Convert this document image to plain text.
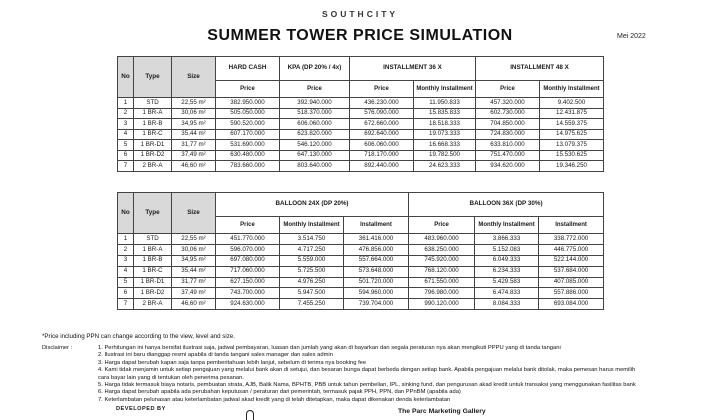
SOUTHCITY
SUMMER TOWER PRICE SIMULATION	Mei 2022
No	Type	Size	HARD CASH	KPA (DP 20% / 4x)	INSTALLMENT 36 X		INSTALLMENT 48 X	
			Price	Price	Price	Monthly Installment	Price	Monthly Installment
1	STD	22,55 m²	382.950.000	392.940.000	436.230.000	11.950.833	457.320.000	9.402.500
2	1 BR-A	30,06 m²	505.050.000	518.370.000	576.090.000	15.835.833	602.730.000	12.431.875
3	1 BR-B	34,95 m²	590.520.000	606.060.000	672.660.000	18.518.333	704.850.000	14.559.375
4	1 BR-C	35,44 m²	607.170.000	623.820.000	692.640.000	19.073.333	724.830.000	14.975.625
5	1 BR-D1	31,77 m²	531.690.000	546.120.000	606.060.000	16.668.333	633.810.000	13.079.375
6	1 BR-D2	37,49 m²	630.480.000	647.130.000	718.170.000	19.782.500	751.470.000	15.530.625
7	2 BR-A	46,60 m²	783.660.000	803.640.000	892.440.000	24.623.333	934.620.000	19.346.250
No	Type	Size	BALLOON 24X (DP 20%)			BALLOON 36X (DP 30%)		
			Price	Monthly Installment	Installment	Price	Monthly Installment	Installment
1	STD	22,55 m²	451.770.000	3.514.750	361.416.000	483.960.000	3.866.333	338.772.000
2	1 BR-A	30,06 m²	596.070.000	4.717.250	476.856.000	638.250.000	5.152.083	446.775.000
3	1 BR-B	34,95 m²	697.080.000	5.559.000	557.664.000	745.920.000	6.049.333	522.144.000
4	1 BR-C	35,44 m²	717.060.000	5.725.500	573.648.000	768.120.000	6.234.333	537.684.000
5	1 BR-D1	31,77 m²	627.150.000	4.976.250	501.720.000	671.550.000	5.429.583	407.085.000
6	1 BR-D2	37,49 m²	743.700.000	5.947.500	594.960.000	796.980.000	6.474.833	557.886.000
7	2 BR-A	46,60 m²	924.630.000	7.455.250	739.704.000	990.120.000	8.084.333	693.084.000
*Price including PPN can change according to the view, level and size.
Disclaimer :	1. Perhitungan ini hanya bersifat ilustrasi saja, jadwal pembayaran, luasan dan jumlah yang akan di bayarkan dan segala peraturan nya akan mengikuti PPPU yang di tanda tangani
2. Ilustrasi ini baru dianggap resmi apabila di tanda tangani sales manager dan sales admin
3. Harga dapat berubah kapan saja tanpa pemberitahuan lebih lanjut, sebelum di terima nya booking fee
4. Kami tidak menjamin untuk setiap pengajuan yang melalui bank akan di setujui, dan besaran bunga dapat berbeda dengan setiap bank. Apabila pengajuan melalui bank ditolak, maka pemesan harus memilih
cara bayar lain yang di tentukan oleh penerima pesanan.
5. Harga tidak termasuk biaya notaris, pembuatan strata, AJB, Balik Nama, BPHTB, PBB untuk tahun pembelian, IPL, sinking fund, dan pengurusan akad kredit untuk transaksi yang menggunakan fasilitas bank
6. Harga dapat berubah apabila ada perubahan keputusan / peraturan dari pemerintah, termasuk pajak PPH, PPN, dan PPnBM (apabila ada)
7. Keterlambatan pelunasan atau keterlambatan jadwal akad kredit yang di telah ditetapkan, maka dapat dikenakan denda keterlambatan
DEVELOPED BY	The Parc Marketing Gallery
